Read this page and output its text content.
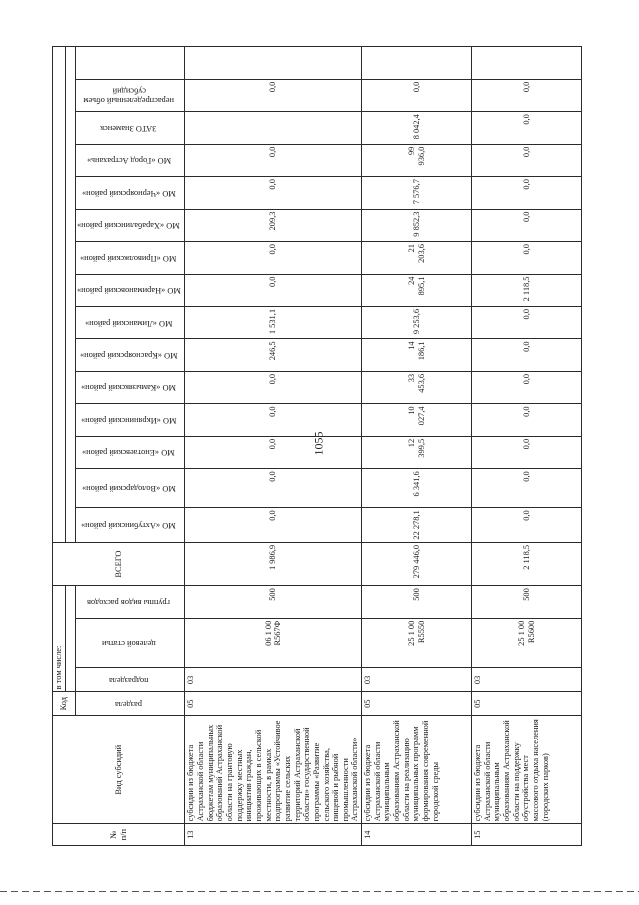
1055
№ п/п	Вид субсидий	Код	в том числе:			ВСЕГО															

		раздела	подраздела	целевой статьи	группы видов расходов		МО «Ахтубинский район»	МО «Володарский район»	МО «Енотаевский район»	МО «Икрянинский район»	МО «Камызякский район»	МО «Красноярский район»	МО «Лиманский район»	МО «Наримановский район»	МО «Приволжский район»	МО «Харабалинский район»	МО «Черноярский район»	МО «Город Астрахань»	ЗАТО Знаменск	нераспределенный объем субсидий	
13	субсидии из бюджета Астраханской области бюджетам муниципальных образований Астраханской области на грантовую поддержку местных инициатив граждан, проживающих в сельской местности, в рамках подпрограммы «Устойчивое развитие сельских территорий Астраханской области» государственной программы «Развитие сельского хозяйства, пищевой и рыбной промышленности Астраханской области»	05	03	06 1 00 R567Ф	500	1 986,9	0,0	0,0	0,0	0,0	0,0	246,5	1 531,1	0,0	0,0	209,3	0,0	0,0		0,0	
14	субсидии из бюджета Астраханской области муниципальным образованиям Астраханской области на реализацию муниципальных программ формирования современной городской среды	05	03	25 1 00 R5550	500	279 446,0	22 278,1	6 341,6	12 399,5	10 027,4	33 453,6	14 186,1	9 253,6	24 895,1	21 203,6	9 852,3	7 576,7	99 936,0	8 042,4	0,0	
15	субсидии из бюджета Астраханской области муниципальным образованиям Астраханской области на поддержку обустройства мест массового отдыха населения (городских парков)	05	03	25 1 00 R5600	500	2 118,5	0,0	0,0	0,0	0,0	0,0	0,0	0,0	2 118,5	0,0	0,0	0,0	0,0	0,0	0,0	
